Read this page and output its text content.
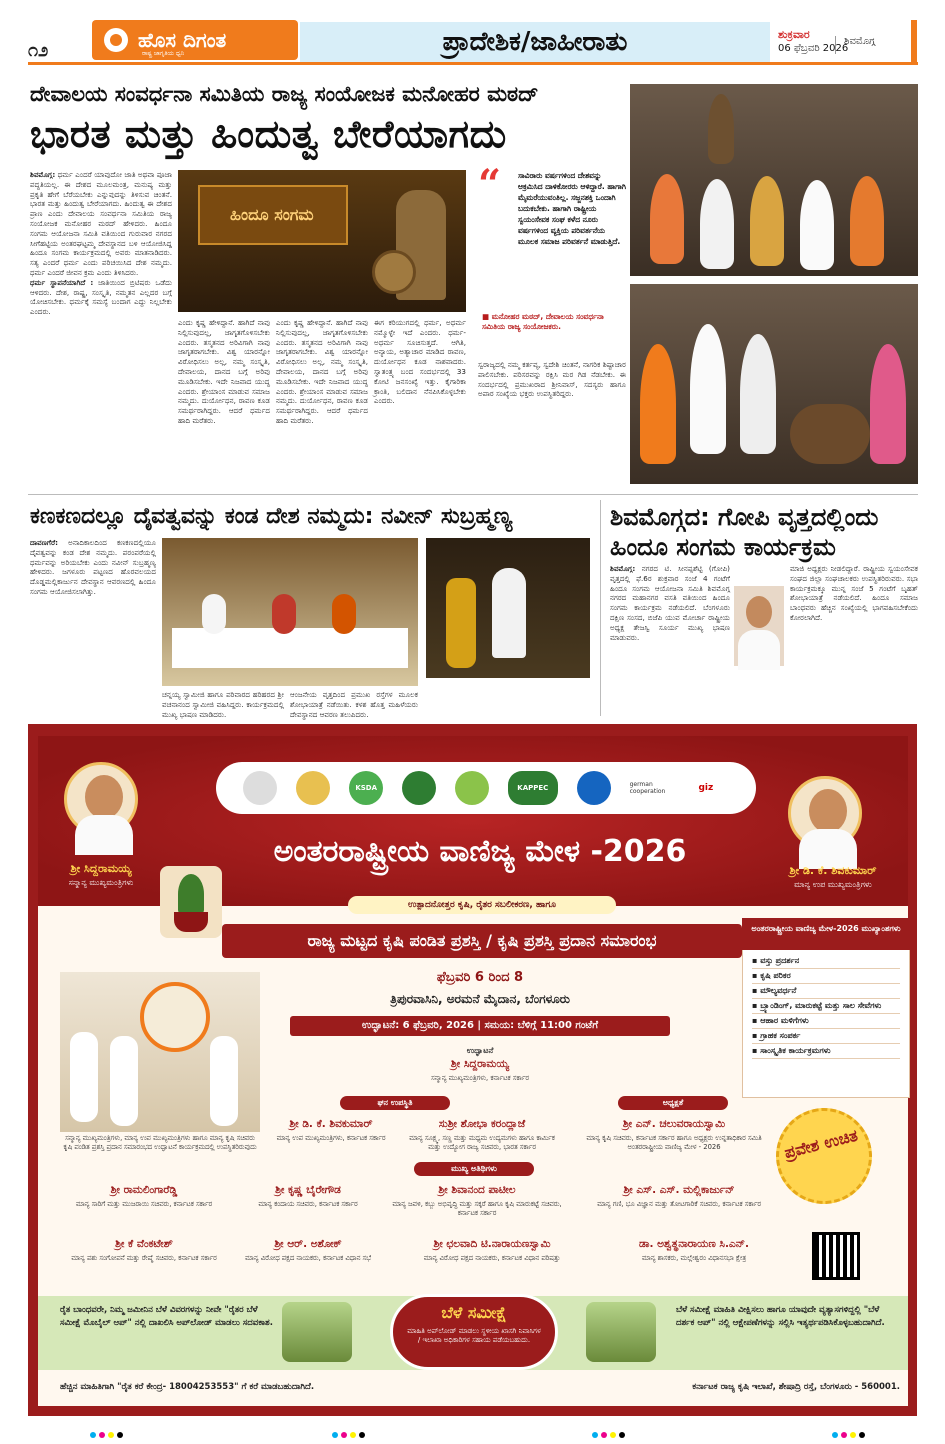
೧೨	ಹೊಸ ದಿಗಂತ
ರಾಷ್ಟ್ರ ಜಾಗೃತಿಯ ಧ್ವನಿ	ಪ್ರಾದೇಶಿಕ/ಜಾಹೀರಾತು	ಶುಕ್ರವಾರ
06 ಫೆಬ್ರವರಿ 2026
ಶಿವಮೊಗ್ಗ
ದೇವಾಲಯ ಸಂವರ್ಧನಾ ಸಮಿತಿಯ ರಾಜ್ಯ ಸಂಯೋಜಕ ಮನೋಹರ ಮಠದ್
ಭಾರತ ಮತ್ತು ಹಿಂದುತ್ವ ಬೇರೆಯಾಗದು
ಶಿವಮೊಗ್ಗ: ಧರ್ಮ ಎಂದರೆ ಯಾವುದೋ ಜಾತಿ ಅಥವಾ ಪೂಜಾ ಪದ್ಧತಿಯಲ್ಲ. ಈ ದೇಶದ ಮೂಲಮಂತ್ರ, ಮನುಷ್ಯ ಮತ್ತು ಪ್ರಕೃತಿ ಹೇಗೆ ಬೆರೆಯಬೇಕು ಎನ್ನುವುದನ್ನು ತಿಳಿಸುವ ಚಿಂತನೆ. ಭಾರತ ಮತ್ತು ಹಿಂದುತ್ವ ಬೇರೆಯಾಗದು. ಹಿಂದುತ್ವ ಈ ದೇಶದ ಪ್ರಾಣ ಎಂದು ದೇವಾಲಯ ಸಂವರ್ಧನಾ ಸಮಿತಿಯ ರಾಜ್ಯ ಸಂಯೋಜಕ ಮನೋಹರ ಮಠದ್ ಹೇಳಿದರು. ಹಿಂದೂ ಸಂಗಮ ಆಯೋಜನಾ ಸಮಿತಿ ವತಿಯಿಂದ ಗುರುವಾರ ನಗರದ ಸೀಗೆಹಟ್ಟಿಯ ಅಂತರಘಟ್ಟಮ್ಮ ದೇವಸ್ಥಾನದ ಬಳಿ ಆಯೋಜಿಸಿದ್ದ ಹಿಂದೂ ಸಂಗಮ ಕಾರ್ಯಕ್ರಮದಲ್ಲಿ ಅವರು ಮಾತನಾಡಿದರು. ಸತ್ಯ ಎಂದರೆ ಧರ್ಮ ಎಂದು ಪರಿಚಯಿಸಿದ ದೇಶ ನಮ್ಮದು. ಧರ್ಮ ಎಂದರೆ ಜೀವನ ಕ್ರಮ ಎಂದು ತಿಳಿಸಿದರು.
ಧರ್ಮ ಸ್ಥಾಪನೆಯಾಗಿದೆ : ಜಾತಿಯಿಂದ ಬ್ರಿಟಿಷರು ಒಡೆದು ಆಳಿದರು. ದೇಶ, ರಾಷ್ಟ್ರ, ಸಂಸ್ಕೃತಿ, ನಮ್ಮತನ ಎಲ್ಲದರ ಬಗ್ಗೆ ಯೋಚಿಸಬೇಕು. ಧರ್ಮಕ್ಕೆ ಸಮಸ್ಯೆ ಬಂದಾಗ ಎದ್ದು ನಿಲ್ಲಬೇಕು ಎಂದರು.
ಹಿಂದೂ ಸಂಗಮ
ಎಂದು ಕೃಷ್ಣ ಹೇಳಿದ್ದಾನೆ. ಹಾಗಿದೆ ನಾವು ನಿಲ್ಲಿಸುವುದಲ್ಲ, ಜಾಗೃತಗೊಳಿಸಬೇಕು ಎಂದರು. ತಸ್ಮತನದ ಅರಿವಿಗಾಗಿ ನಾವು ಜಾಗೃತರಾಗಬೇಕು. ವಿಶ್ವ ಯಾರನ್ನೋ ವಿರೋಧಿಸಲು ಅಲ್ಲ, ನಮ್ಮ ಸಂಸ್ಕೃತಿ, ದೇವಾಲಯ, ದಾನದ ಬಗ್ಗೆ ಅರಿವು ಮೂಡಿಸಬೇಕು. ಇದೇ ನಿಜವಾದ ಯುದ್ಧ ಎಂದರು. ಶ್ರೇಯಾಂಸ ಮಾಡುವ ಸಮಾಜ ನಮ್ಮದು. ದುರ್ಯೋಧನ, ರಾವಣ ಕೂಡ ಸಮರ್ಥರಾಗಿದ್ದರು. ಆದರೆ ಧರ್ಮದ ಹಾದಿ ಮರೆತರು.
ಎಂದು ಕೃಷ್ಣ ಹೇಳಿದ್ದಾನೆ. ಹಾಗಿದೆ ನಾವು ನಿಲ್ಲಿಸುವುದಲ್ಲ, ಜಾಗೃತಗೊಳಿಸಬೇಕು ಎಂದರು. ತಸ್ಮತನದ ಅರಿವಿಗಾಗಿ ನಾವು ಜಾಗೃತರಾಗಬೇಕು. ವಿಶ್ವ ಯಾರನ್ನೋ ವಿರೋಧಿಸಲು ಅಲ್ಲ, ನಮ್ಮ ಸಂಸ್ಕೃತಿ, ದೇವಾಲಯ, ದಾನದ ಬಗ್ಗೆ ಅರಿವು ಮೂಡಿಸಬೇಕು. ಇದೇ ನಿಜವಾದ ಯುದ್ಧ ಎಂದರು. ಶ್ರೇಯಾಂಸ ಮಾಡುವ ಸಮಾಜ ನಮ್ಮದು. ದುರ್ಯೋಧನ, ರಾವಣ ಕೂಡ ಸಮರ್ಥರಾಗಿದ್ದರು. ಆದರೆ ಧರ್ಮದ ಹಾದಿ ಮರೆತರು.
ಈಗ ಕರಿಯುಗದಲ್ಲಿ ಧರ್ಮ, ಅಧರ್ಮ ನಮ್ಮೊಳ್ಳೇ ಇದೆ ಎಂದರು. ಧರ್ಮ- ಅಧರ್ಮ ಸೂಚಿಸುತ್ತದೆ. ಆಗಿತಿ, ಅನ್ಯಾಯ, ಅತ್ಯಾಚಾರ ಮಾಡಿದ ರಾವಣ, ದುರ್ಯೋಧನ ಕೂಡ ನಾಶವಾದರು. ಸ್ವಾತಂತ್ರ್ಯ ಬಂದ ಸಂದರ್ಭದಲ್ಲಿ 33 ಕೋಟಿ ಜನಸಂಖ್ಯೆ ಇತ್ತು. ಕೈಗಾರಿಕಾ ಕ್ರಾಂತಿ, ಬಲಿದಾನ ನೆನಪಿಸಿಕೊಳ್ಳಬೇಕು ಎಂದರು.
“	ಸಾವಿರಾರು ವರ್ಷಗಳಿಂದ ದೇಶವನ್ನು ಆಕ್ರಮಿಸಿದ ದಾಳಿಕೋರರು ಆಳಿದ್ದಾರೆ. ಹಾಗಾಗಿ ಮೈಮರೆಯುವಂತಿಲ್ಲ. ಸಜ್ಜನಶಕ್ತಿ ಒಂದಾಗಿ ಬದುಕಬೇಕು. ಹಾಗಾಗಿ ರಾಷ್ಟ್ರೀಯ ಸ್ವಯಂಸೇವಕ ಸಂಘ ಕಳೆದ ನೂರು ವರ್ಷಗಳಿಂದ ವ್ಯಕ್ತಿಯ ಪರಿವರ್ತನೆಯ ಮೂಲಕ ಸಮಾಜ ಪರಿವರ್ತನೆ ಮಾಡುತ್ತಿದೆ.
■ ಮನೋಹರ ಮಠದ್, ದೇವಾಲಯ ಸಂವರ್ಧನಾ ಸಮಿತಿಯ ರಾಜ್ಯ ಸಂಯೋಜಕರು.
ಸ್ವರಾಜ್ಯದಲ್ಲಿ ನಮ್ಮ ಕರ್ತವ್ಯ, ಸ್ವದೇಶಿ ಚಿಂತನೆ, ನಾಗರಿಕ ಶಿಷ್ಟಾಚಾರ ಪಾಲಿಸಬೇಕು. ಪರಿಸರವನ್ನು ರಕ್ಷಿಸಿ ಮರ ಗಿಡ ನೆಡಬೇಕು. ಈ ಸಂದರ್ಭದಲ್ಲಿ ಪ್ರಮುಖರಾದ ಶ್ರೀನಿವಾಸ್, ಸದಸ್ಯರು ಹಾಗೂ ಅಪಾರ ಸಂಖ್ಯೆಯ ಭಕ್ತರು ಉಪಸ್ಥಿತರಿದ್ದರು.
ಕಣಕಣದಲ್ಲೂ ದೈವತ್ವವನ್ನು ಕಂಡ ದೇಶ ನಮ್ಮದು: ನವೀನ್ ಸುಬ್ರಹ್ಮಣ್ಯ
ದಾವಣಗೆರೆ: ಅನಾದಿಕಾಲದಿಂದ ಕಣಕಣದಲ್ಲಿಯೂ ದೈವತ್ವವನ್ನು ಕಂಡ ದೇಶ ನಮ್ಮದು. ಪರಂಪರೆಯಲ್ಲಿ ಧರ್ಮವನ್ನು ಅರಿಯಬೇಕು ಎಂದು ನವೀನ್ ಸುಬ್ರಹ್ಮಣ್ಯ ಹೇಳಿದರು. ಜಗಳೂರು ಪಟ್ಟಣದ ಹೊರವಲಯದ ದೊಡ್ಡಮಲ್ಲಿಕಾರ್ಜುನ ದೇವಸ್ಥಾನ ಆವರಣದಲ್ಲಿ ಹಿಂದೂ ಸಂಗಮ ಆಯೋಜಿಸಲಾಗಿತ್ತು.
ಚನ್ನಯ್ಯ ಸ್ವಾಮೀಜಿ ಹಾಗೂ ಪರಿವಾರದ ಹರಿಹರದ ಶ್ರೀ ವಚನಾನಂದ ಸ್ವಾಮೀಜಿ ವಹಿಸಿದ್ದರು. ಕಾರ್ಯಕ್ರಮದಲ್ಲಿ ಮುಖ್ಯ ಭಾಷಣ ಮಾಡಿದರು.
ಆಂಜನೇಯ ವೃತ್ತದಿಂದ ಪ್ರಮುಖ ರಸ್ತೆಗಳ ಮೂಲಕ ಶೋಭಾಯಾತ್ರೆ ನಡೆಯಿತು. ಕಳಶ ಹೊತ್ತ ಮಹಿಳೆಯರು ದೇವಸ್ಥಾನದ ಆವರಣ ತಲುಪಿದರು.
ಶಿವಮೊಗ್ಗದ: ಗೋಪಿ ವೃತ್ತದಲ್ಲಿಂದು ಹಿಂದೂ ಸಂಗಮ ಕಾರ್ಯಕ್ರಮ
ಶಿವಮೊಗ್ಗ: ನಗರದ ಟಿ. ಸೀನಪ್ಪಶೆಟ್ಟಿ (ಗೋಪಿ) ವೃತ್ತದಲ್ಲಿ ಫೆ.6ರ ಶುಕ್ರವಾರ ಸಂಜೆ 4 ಗಂಟೆಗೆ ಹಿಂದೂ ಸಂಗಮ ಆಯೋಜನಾ ಸಮಿತಿ ಶಿವಮೊಗ್ಗ ನಗರದ ಮಹಾನಗರ ವಸತಿ ವತಿಯಿಂದ ಹಿಂದೂ ಸಂಗಮ ಕಾರ್ಯಕ್ರಮ ನಡೆಯಲಿದೆ. ಬೆಂಗಳೂರು ದಕ್ಷಿಣ ಸಂಸದ, ಬಿಜೆಪಿ ಯುವ ಮೋರ್ಚಾ ರಾಷ್ಟ್ರೀಯ ಅಧ್ಯಕ್ಷ ತೇಜಸ್ವಿ ಸೂರ್ಯ ಮುಖ್ಯ ಭಾಷಣ ಮಾಡುವರು.
ಮಾಜಿ ಅಧ್ಯಕ್ಷರು ನೀಡಲಿದ್ದಾರೆ. ರಾಷ್ಟ್ರೀಯ ಸ್ವಯಂಸೇವಕ ಸಂಘದ ಜಿಲ್ಲಾ ಸಂಘಚಾಲಕರು ಉಪಸ್ಥಿತರಿರುವರು. ಸಭಾ ಕಾರ್ಯಕ್ರಮಕ್ಕೂ ಮುನ್ನ ಸಂಜೆ 5 ಗಂಟೆಗೆ ಬೃಹತ್ ಶೋಭಾಯಾತ್ರೆ ನಡೆಯಲಿದೆ. ಹಿಂದೂ ಸಮಾಜ ಬಾಂಧವರು ಹೆಚ್ಚಿನ ಸಂಖ್ಯೆಯಲ್ಲಿ ಭಾಗವಹಿಸಬೇಕೆಂದು ಕೋರಲಾಗಿದೆ.
ಶ್ರೀ ಸಿದ್ದರಾಮಯ್ಯ
ಸನ್ಮಾನ್ಯ ಮುಖ್ಯಮಂತ್ರಿಗಳು
ಶ್ರೀ ಡಿ. ಕೆ. ಶಿವಕುಮಾರ್
ಮಾನ್ಯ ಉಪ ಮುಖ್ಯಮಂತ್ರಿಗಳು
KSDA	KAPPEC	german cooperation	giz
ಅಂತರರಾಷ್ಟ್ರೀಯ ವಾಣಿಜ್ಯ ಮೇಳ -2026
ಉತ್ಪಾದನೋತ್ತರ ಕೃಷಿ, ರೈತರ ಸಬಲೀಕರಣ, ಹಾಗೂ
ರಾಜ್ಯ ಮಟ್ಟದ ಕೃಷಿ ಪಂಡಿತ ಪ್ರಶಸ್ತಿ / ಕೃಷಿ ಪ್ರಶಸ್ತಿ ಪ್ರದಾನ ಸಮಾರಂಭ
ಫೆಬ್ರವರಿ 6 ರಿಂದ 8
ತ್ರಿಪುರವಾಸಿನಿ, ಅರಮನೆ ಮೈದಾನ, ಬೆಂಗಳೂರು
ಉದ್ಘಾಟನೆ: 6 ಫೆಬ್ರವರಿ, 2026 | ಸಮಯ: ಬೆಳಿಗ್ಗೆ 11:00 ಗಂಟೆಗೆ
ಸನ್ಮಾನ್ಯ ಮುಖ್ಯಮಂತ್ರಿಗಳು, ಮಾನ್ಯ ಉಪ ಮುಖ್ಯಮಂತ್ರಿಗಳು ಹಾಗೂ ಮಾನ್ಯ ಕೃಷಿ ಸಚಿವರು ಕೃಷಿ ಪಂಡಿತ ಪ್ರಶಸ್ತಿ ಪ್ರದಾನ ಸಮಾರಂಭದ ಉದ್ಘಾಟನೆ ಕಾರ್ಯಕ್ರಮದಲ್ಲಿ ಉಪಸ್ಥಿತರಿರುವುದು
ಉದ್ಘಾಟನೆ
ಶ್ರೀ ಸಿದ್ದರಾಮಯ್ಯ
ಸನ್ಮಾನ್ಯ ಮುಖ್ಯಮಂತ್ರಿಗಳು, ಕರ್ನಾಟಕ ಸರ್ಕಾರ
ಘನ ಉಪಸ್ಥಿತಿ	ಅಧ್ಯಕ್ಷತೆ
ಶ್ರೀ ಡಿ. ಕೆ. ಶಿವಕುಮಾರ್
ಮಾನ್ಯ ಉಪ ಮುಖ್ಯಮಂತ್ರಿಗಳು, ಕರ್ನಾಟಕ ಸರ್ಕಾರ
ಸುಶ್ರೀ ಶೋಭಾ ಕರಂದ್ಲಾಜೆ
ಮಾನ್ಯ ಸೂಕ್ಷ್ಮ, ಸಣ್ಣ ಮತ್ತು ಮಧ್ಯಮ ಉದ್ಯಮಗಳು ಹಾಗೂ ಕಾರ್ಮಿಕ ಮತ್ತು ಉದ್ಯೋಗ ರಾಜ್ಯ ಸಚಿವರು, ಭಾರತ ಸರ್ಕಾರ
ಶ್ರೀ ಎನ್. ಚಲುವರಾಯಸ್ವಾಮಿ
ಮಾನ್ಯ ಕೃಷಿ ಸಚಿವರು, ಕರ್ನಾಟಕ ಸರ್ಕಾರ ಹಾಗೂ ಅಧ್ಯಕ್ಷರು ಉನ್ನತಾಧಿಕಾರ ಸಮಿತಿ ಅಂತರರಾಷ್ಟ್ರೀಯ ವಾಣಿಜ್ಯ ಮೇಳ - 2026
ಮುಖ್ಯ ಅತಿಥಿಗಳು
ಶ್ರೀ ರಾಮಲಿಂಗಾರೆಡ್ಡಿ
ಮಾನ್ಯ ಸಾರಿಗೆ ಮತ್ತು ಮುಜರಾಯಿ ಸಚಿವರು, ಕರ್ನಾಟಕ ಸರ್ಕಾರ
ಶ್ರೀ ಕೃಷ್ಣ ಬೈರೇಗೌಡ
ಮಾನ್ಯ ಕಂದಾಯ ಸಚಿವರು, ಕರ್ನಾಟಕ ಸರ್ಕಾರ
ಶ್ರೀ ಶಿವಾನಂದ ಪಾಟೀಲ
ಮಾನ್ಯ ಜವಳಿ, ಕಬ್ಬು ಅಭಿವೃದ್ಧಿ ಮತ್ತು ಸಕ್ಕರೆ ಹಾಗೂ ಕೃಷಿ ಮಾರುಕಟ್ಟೆ ಸಚಿವರು, ಕರ್ನಾಟಕ ಸರ್ಕಾರ
ಶ್ರೀ ಎಸ್. ಎಸ್. ಮಲ್ಲಿಕಾರ್ಜುನ್
ಮಾನ್ಯ ಗಣಿ, ಭೂ ವಿಜ್ಞಾನ ಮತ್ತು ತೋಟಗಾರಿಕೆ ಸಚಿವರು, ಕರ್ನಾಟಕ ಸರ್ಕಾರ
ಶ್ರೀ ಕೆ ವೆಂಕಟೇಶ್
ಮಾನ್ಯ ಪಶು ಸಂಗೋಪನೆ ಮತ್ತು ರೇಷ್ಮೆ ಸಚಿವರು, ಕರ್ನಾಟಕ ಸರ್ಕಾರ
ಶ್ರೀ ಆರ್. ಅಶೋಕ್
ಮಾನ್ಯ ವಿರೋಧ ಪಕ್ಷದ ನಾಯಕರು, ಕರ್ನಾಟಕ ವಿಧಾನ ಸಭೆ
ಶ್ರೀ ಛಲವಾದಿ ಟಿ.ನಾರಾಯಣಸ್ವಾಮಿ
ಮಾನ್ಯ ವಿರೋಧ ಪಕ್ಷದ ನಾಯಕರು, ಕರ್ನಾಟಕ ವಿಧಾನ ಪರಿಷತ್ತು
ಡಾ. ಅಶ್ವತ್ಥನಾರಾಯಣ ಸಿ.ಎನ್.
ಮಾನ್ಯ ಶಾಸಕರು, ಮಲ್ಲೇಶ್ವರಂ ವಿಧಾನಸಭಾ ಕ್ಷೇತ್ರ
ಅಂತರರಾಷ್ಟ್ರೀಯ ವಾಣಿಜ್ಯ ಮೇಳ-2026 ಮುಖ್ಯಾಂಶಗಳು
▪ ವಸ್ತು ಪ್ರದರ್ಶನ
▪ ಕೃಷಿ ಪರಿಕರ
▪ ಮೌಲ್ಯವರ್ಧನೆ
▪ ಬ್ರ್ಯಾಂಡಿಂಗ್, ಮಾರುಕಟ್ಟೆ ಮತ್ತು ಸಾಲ ಸೇವೆಗಳು
▪ ಆಹಾರ ಮಳಿಗೆಗಳು
▪ ಗ್ರಾಹಕ ಸಂಪರ್ಕ
▪ ಸಾಂಸ್ಕೃತಿಕ ಕಾರ್ಯಕ್ರಮಗಳು
ಪ್ರವೇಶ ಉಚಿತ
ರೈತ ಬಾಂಧವರೇ, ನಿಮ್ಮ ಜಮೀನಿನ ಬೆಳೆ ವಿವರಗಳನ್ನು ನೀವೇ "ರೈತರ ಬೆಳೆ ಸಮೀಕ್ಷೆ ಮೊಬೈಲ್ ಆಪ್" ನಲ್ಲಿ ದಾಖಲಿಸಿ ಅಪ್‌ಲೋಡ್ ಮಾಡಲು ಸದವಕಾಶ.
ಬೆಳೆ ಸಮೀಕ್ಷೆ
ಮಾಹಿತಿ ಅಪ್‌ಲೋಡ್ ಮಾಡಲು ಸ್ಥಳೀಯ ಖಾಸಗಿ ನಿವಾಸಿಗಳ / ಇಲಾಖಾ ಅಧಿಕಾರಿಗಳ ಸಹಾಯ ಪಡೆಯಬಹುದು.
ಬೆಳೆ ಸಮೀಕ್ಷೆ ಮಾಹಿತಿ ವೀಕ್ಷಿಸಲು ಹಾಗೂ ಯಾವುದೇ ವ್ಯತ್ಯಾಸಗಳಿದ್ದಲ್ಲಿ "ಬೆಳೆ ದರ್ಶಕ ಆಪ್" ನಲ್ಲಿ ಆಕ್ಷೇಪಣೆಗಳನ್ನು ಸಲ್ಲಿಸಿ ಇತ್ಯರ್ಥಪಡಿಸಿಕೊಳ್ಳಬಹುದಾಗಿದೆ.
ಹೆಚ್ಚಿನ ಮಾಹಿತಿಗಾಗಿ "ರೈತ ಕರೆ ಕೇಂದ್ರ- 18004253553" ಗೆ ಕರೆ ಮಾಡಬಹುದಾಗಿದೆ.	ಕರ್ನಾಟಕ ರಾಜ್ಯ ಕೃಷಿ ಇಲಾಖೆ, ಶೇಷಾದ್ರಿ ರಸ್ತೆ, ಬೆಂಗಳೂರು - 560001.
